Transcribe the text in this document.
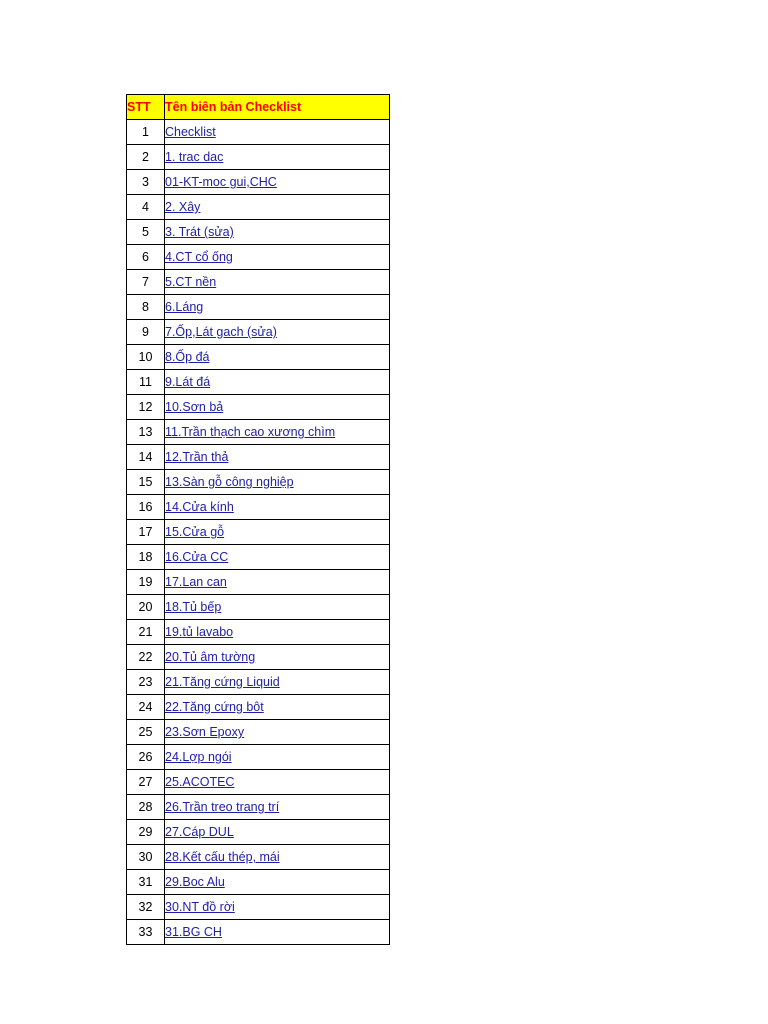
STT	Tên biên bản Checklist
1	Checklist
2	1. trac dac
3	01-KT-moc gui,CHC
4	2. Xây
5	3. Trát (sửa)
6	4.CT cổ ống
7	5.CT nền
8	6.Láng
9	7.Ốp,Lát gach (sửa)
10	8.Ốp đá
11	9.Lát đá
12	10.Sơn bả
13	11.Trần thạch cao xương chìm
14	12.Trần thả
15	13.Sàn gỗ công nghiệp
16	14.Cửa kính
17	15.Cửa gỗ
18	16.Cửa CC
19	17.Lan can
20	18.Tủ bếp
21	19.tủ lavabo
22	20.Tủ âm tường
23	21.Tăng cứng Liquid
24	22.Tăng cứng bôt
25	23.Sơn Epoxy
26	24.Lợp ngói
27	25.ACOTEC
28	26.Trần treo trang trí
29	27.Cáp DUL
30	28.Kết cấu thép, mái
31	29.Boc Alu
32	30.NT đồ rời
33	31.BG CH
